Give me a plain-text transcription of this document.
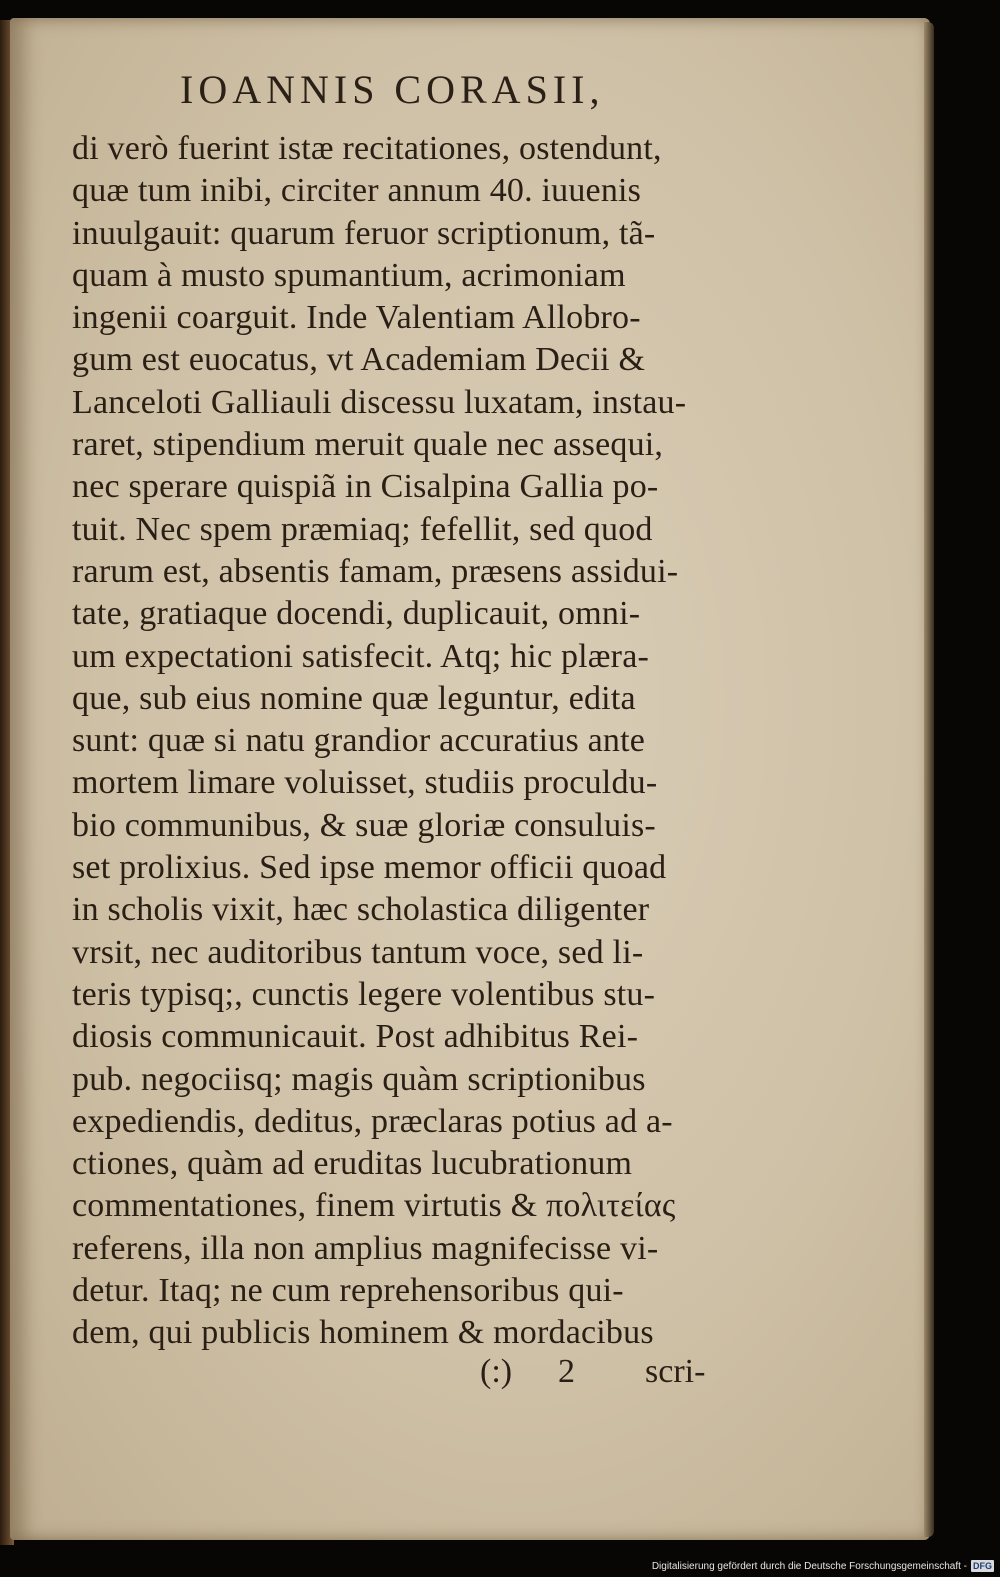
IOANNIS CORASII,
di verò fuerint istæ recitationes, ostendunt,
quæ tum inibi, circiter annum 40. iuuenis
inuulgauit: quarum feruor scriptionum, tã-
quam à musto spumantium, acrimoniam
ingenii coarguit. Inde Valentiam Allobro-
gum est euocatus, vt Academiam Decii &
Lanceloti Galliauli discessu luxatam, instau-
raret, stipendium meruit quale nec assequi,
nec sperare quispiã in Cisalpina Gallia po-
tuit. Nec spem præmiaq; fefellit, sed quod
rarum est, absentis famam, præsens assidui-
tate, gratiaque docendi, duplicauit, omni-
um expectationi satisfecit. Atq; hic plæra-
que, sub eius nomine quæ leguntur, edita
sunt: quæ si natu grandior accuratius ante
mortem limare voluisset, studiis proculdu-
bio communibus, & suæ gloriæ consuluis-
set prolixius. Sed ipse memor officii quoad
in scholis vixit, hæc scholastica diligenter
vrsit, nec auditoribus tantum voce, sed li-
teris typisq;, cunctis legere volentibus stu-
diosis communicauit. Post adhibitus Rei-
pub. negociisq; magis quàm scriptionibus
expediendis, deditus, præclaras potius ad a-
ctiones, quàm ad eruditas lucubrationum
commentationes, finem virtutis & πολιτείας
referens, illa non amplius magnifecisse vi-
detur. Itaq; ne cum reprehensoribus qui-
dem, qui publicis hominem & mordacibus
(:) 2 scri-
Digitalisierung gefördert durch die Deutsche Forschungsgemeinschaft - DFG
